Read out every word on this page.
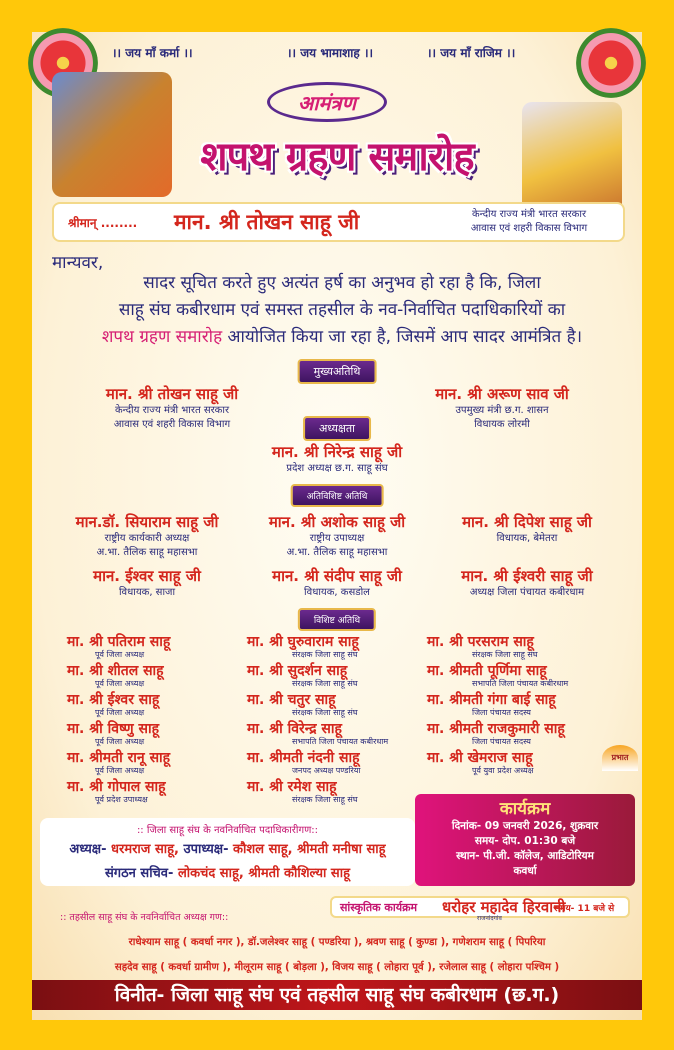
।। जय माँ कर्मा ।।	।। जय भामाशाह ।।	।। जय माँ राजिम ।।
आमंत्रण
शपथ ग्रहण समारोह
श्रीमान् ........ मान. श्री तोखन साहू जी	केन्दीय राज्य मंत्री भारत सरकार
आवास एवं शहरी विकास विभाग
मान्यवर,
सादर सूचित करते हुए अत्यंत हर्ष का अनुभव हो रहा है कि, जिला
साहू संघ कबीरधाम एवं समस्त तहसील के नव-निर्वाचित पदाधिकारियों का
शपथ ग्रहण समारोह आयोजित किया जा रहा है, जिसमें आप सादर आमंत्रित है।
मुख्यअतिथि
मान. श्री तोखन साहू जी
केन्दीय राज्य मंत्री भारत सरकार
आवास एवं शहरी विकास विभाग
मान. श्री अरूण साव जी
उपमुख्य मंत्री छ.ग. शासन
विधायक लोरमी
अध्यक्षता
मान. श्री निरेन्द्र साहू जी
प्रदेश अध्यक्ष छ.ग. साहू संघ
अतिविशिष्ट अतिथि
मान.डॉ. सियाराम साहू जी
राष्ट्रीय कार्यकारी अध्यक्ष
अ.भा. तैलिक साहू महासभा
मान. श्री अशोक साहू जी
राष्ट्रीय उपाध्यक्ष
अ.भा. तैलिक साहू महासभा
मान. श्री दिपेश साहू जी
विधायक, बेमेतरा
मान. ईश्वर साहू जी
विधायक, साजा
मान. श्री संदीप साहू जी
विधायक, कसडोल
मान. श्री ईश्वरी साहू जी
अध्यक्ष जिला पंचायत कबीरधाम
विशिष्ट अतिथि
मा. श्री पतिराम साहू
पूर्व जिला अध्यक्ष
मा. श्री शीतल साहू
पूर्व जिला अध्यक्ष
मा. श्री ईश्वर साहू
पूर्व जिला अध्यक्ष
मा. श्री विष्णु साहू
पूर्व जिला अध्यक्ष
मा. श्रीमती रानू साहू
पूर्व जिला अध्यक्ष
मा. श्री गोपाल साहू
पूर्व प्रदेश उपाध्यक्ष
मा. श्री घुरुवाराम साहू
संरक्षक जिला साहू संघ
मा. श्री सुदर्शन साहू
संरक्षक जिला साहू संघ
मा. श्री चतुर साहू
संरक्षक जिला साहू संघ
मा. श्री विरेन्द्र साहू
सभापति जिला पंचायत कबीरधाम
मा. श्रीमती नंदनी साहू
जनपद अध्यक्ष पण्डरिया
मा. श्री रमेश साहू
संरक्षक जिला साहू संघ
मा. श्री परसराम साहू
संरक्षक जिला साहू संघ
मा. श्रीमती पूर्णिमा साहू
सभापति जिला पंचायत कबीरधाम
मा. श्रीमती गंगा बाई साहू
जिला पंचायत सदस्य
मा. श्रीमती राजकुमारी साहू
जिला पंचायत सदस्य
मा. श्री खेमराज साहू
पूर्व युवा प्रदेश अध्यक्ष
प्रभात
:: जिला साहू संघ के नवनिर्वाचित पदाधिकारीगण::
अध्यक्ष- धरमराज साहू, उपाध्यक्ष- कौशल साहू, श्रीमती मनीषा साहू
संगठन सचिव- लोकचंद साहू, श्रीमती कौशिल्या साहू
कार्यक्रम
दिनांक- 09 जनवरी 2026, शुक्रवार
समय- दोप. 01:30 बजे
स्थान- पी.जी. कॉलेज, आडिटोरियम
कवर्धा
:: तहसील साहू संघ के नवनिर्वाचित अध्यक्ष गण::
सांस्कृतिक कार्यक्रम धरोहर महादेव हिरवानी
राजनांदगांव
समय- 11 बजे से
राधेश्याम साहू ( कवर्धा नगर ), डॉ.जलेश्वर साहू ( पण्डरिया ), श्रवण साहू ( कुण्डा ), गणेशराम साहू ( पिपरिया
सहदेव साहू ( कवर्धा ग्रामीण ), मीलूराम साहू ( बोड़ला ), विजय साहू ( लोहारा पूर्व ), रजेलाल साहू ( लोहारा पश्चिम )
विनीत- जिला साहू संघ एवं तहसील साहू संघ कबीरधाम (छ.ग.)
